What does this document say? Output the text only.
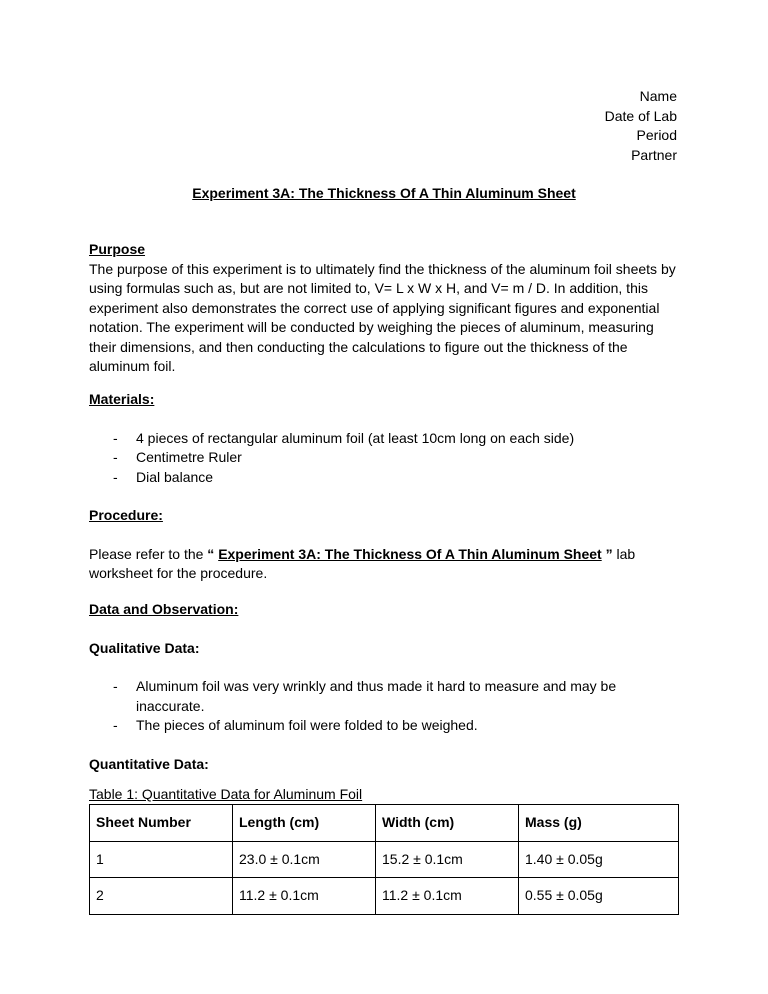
Name
Date of Lab
Period
Partner
Experiment 3A: The Thickness Of A Thin Aluminum Sheet
Purpose
The purpose of this experiment is to ultimately find the thickness of the aluminum foil sheets by using formulas such as, but are not limited to, V= L x W x H, and V= m / D. In addition, this experiment also demonstrates the correct use of applying significant figures and exponential notation. The experiment will be conducted by weighing the pieces of aluminum, measuring their dimensions, and then conducting the calculations to figure out the thickness of the aluminum foil.
Materials:
- 4 pieces of rectangular aluminum foil (at least 10cm long on each side)
- Centimetre Ruler
- Dial balance
Procedure:
Please refer to the “ Experiment 3A: The Thickness Of A Thin Aluminum Sheet ” lab worksheet for the procedure.
Data and Observation:
Qualitative Data:
- Aluminum foil was very wrinkly and thus made it hard to measure and may be inaccurate.
- The pieces of aluminum foil were folded to be weighed.
Quantitative Data:
Table 1: Quantitative Data for Aluminum Foil
Sheet Number	Length (cm)	Width (cm)	Mass (g)
1	23.0 ± 0.1cm	15.2 ± 0.1cm	1.40 ± 0.05g
2	11.2 ± 0.1cm	11.2 ± 0.1cm	0.55 ± 0.05g
